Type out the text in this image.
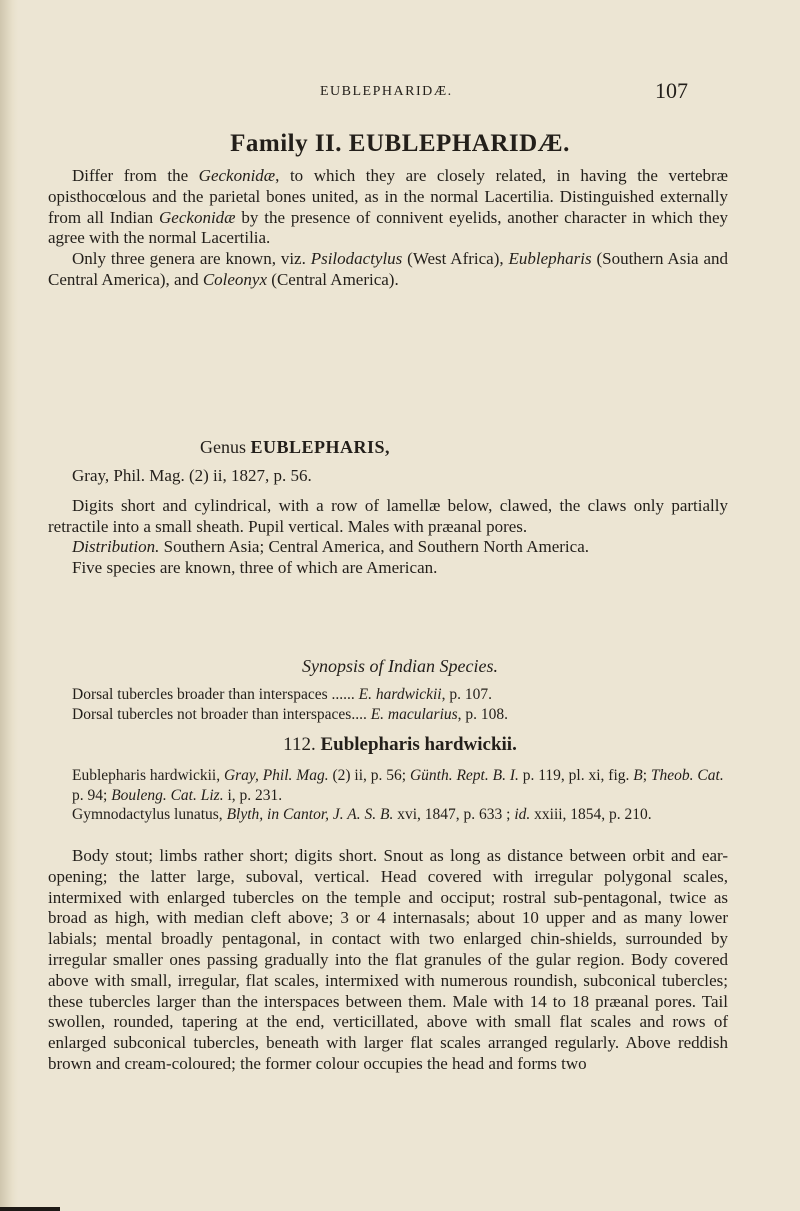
EUBLEPHARIDÆ.	107
Family II. EUBLEPHARIDÆ.

Differ from the Geckonidæ, to which they are closely related, in having the vertebræ opisthocœlous and the parietal bones united, as in the normal Lacertilia. Distinguished externally from all Indian Geckonidæ by the presence of connivent eyelids, another character in which they agree with the normal Lacertilia.

Only three genera are known, viz. Psilodactylus (West Africa), Eublepharis (Southern Asia and Central America), and Coleonyx (Central America).

Genus EUBLEPHARIS,

Gray, Phil. Mag. (2) ii, 1827, p. 56.

Digits short and cylindrical, with a row of lamellæ below, clawed, the claws only partially retractile into a small sheath. Pupil vertical. Males with præanal pores.

Distribution. Southern Asia; Central America, and Southern North America.

Five species are known, three of which are American.

Synopsis of Indian Species.
Dorsal tubercles broader than interspaces ...... E. hardwickii, p. 107.
Dorsal tubercles not broader than interspaces.... E. macularius, p. 108.
112. Eublepharis hardwickii.
Eublepharis hardwickii, Gray, Phil. Mag. (2) ii, p. 56; Günth. Rept. B. I. p. 119, pl. xi, fig. B; Theob. Cat. p. 94; Bouleng. Cat. Liz. i, p. 231.
Gymnodactylus lunatus, Blyth, in Cantor, J. A. S. B. xvi, 1847, p. 633 ; id. xxiii, 1854, p. 210.

Body stout; limbs rather short; digits short. Snout as long as distance between orbit and ear-opening; the latter large, suboval, vertical. Head covered with irregular polygonal scales, intermixed with enlarged tubercles on the temple and occiput; rostral sub-pentagonal, twice as broad as high, with median cleft above; 3 or 4 internasals; about 10 upper and as many lower labials; mental broadly pentagonal, in contact with two enlarged chin-shields, surrounded by irregular smaller ones passing gradually into the flat granules of the gular region. Body covered above with small, irregular, flat scales, intermixed with numerous roundish, subconical tubercles; these tubercles larger than the interspaces between them. Male with 14 to 18 præanal pores. Tail swollen, rounded, tapering at the end, verticillated, above with small flat scales and rows of enlarged subconical tubercles, beneath with larger flat scales arranged regularly. Above reddish brown and cream-coloured; the former colour occupies the head and forms two
